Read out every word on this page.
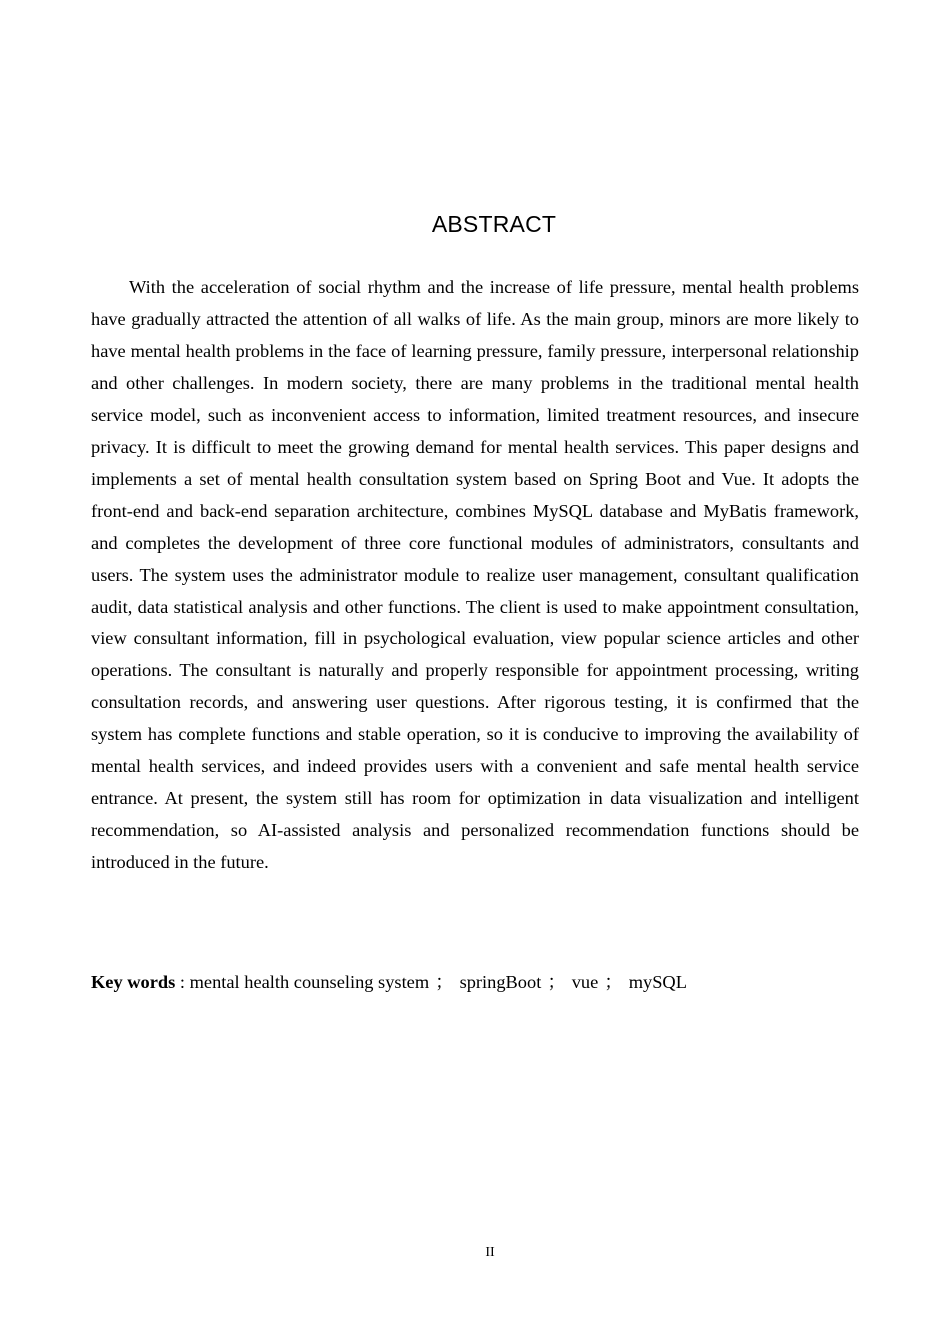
ABSTRACT

With the acceleration of social rhythm and the increase of life pressure, mental health problems have gradually attracted the attention of all walks of life. As the main group, minors are more likely to have mental health problems in the face of learning pressure, family pressure, interpersonal relationship and other challenges. In modern society, there are many problems in the traditional mental health service model, such as inconvenient access to information, limited treatment resources, and insecure privacy. It is difficult to meet the growing demand for mental health services. This paper designs and implements a set of mental health consultation system based on Spring Boot and Vue. It adopts the front-end and back-end separation architecture, combines MySQL database and MyBatis framework, and completes the development of three core functional modules of administrators, consultants and users. The system uses the administrator module to realize user management, consultant qualification audit, data statistical analysis and other functions. The client is used to make appointment consultation, view consultant information, fill in psychological evaluation, view popular science articles and other operations. The consultant is naturally and properly responsible for appointment processing, writing consultation records, and answering user questions. After rigorous testing, it is confirmed that the system has complete functions and stable operation, so it is conducive to improving the availability of mental health services, and indeed provides users with a convenient and safe mental health service entrance. At present, the system still has room for optimization in data visualization and intelligent recommendation, so AI-assisted analysis and personalized recommendation functions should be introduced in the future.

Key words : mental health counseling system ； springBoot ； vue ； mySQL

II
